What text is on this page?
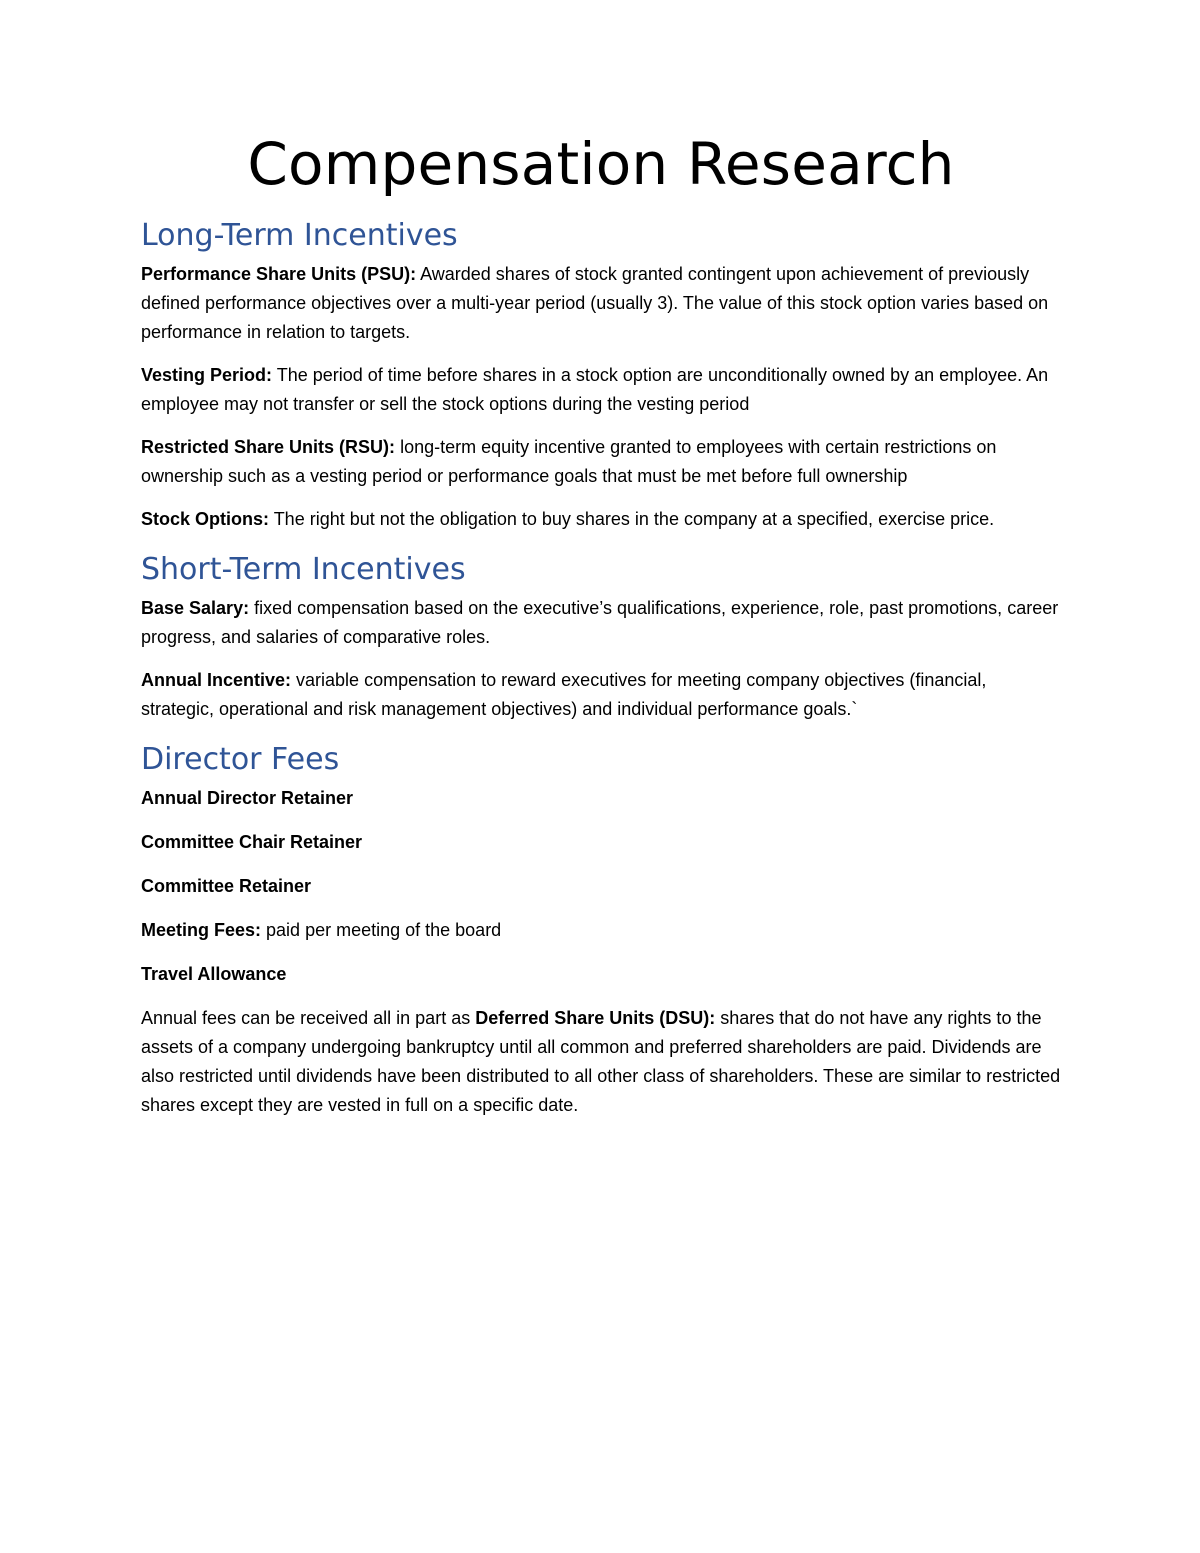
Compensation Research
Long-Term Incentives

Performance Share Units (PSU): Awarded shares of stock granted contingent upon achievement of previously defined performance objectives over a multi-year period (usually 3). The value of this stock option varies based on performance in relation to targets.

Vesting Period: The period of time before shares in a stock option are unconditionally owned by an employee. An employee may not transfer or sell the stock options during the vesting period

Restricted Share Units (RSU): long-term equity incentive granted to employees with certain restrictions on ownership such as a vesting period or performance goals that must be met before full ownership

Stock Options: The right but not the obligation to buy shares in the company at a specified, exercise price.

Short-Term Incentives

Base Salary: fixed compensation based on the executive’s qualifications, experience, role, past promotions, career progress, and salaries of comparative roles.

Annual Incentive: variable compensation to reward executives for meeting company objectives (financial, strategic, operational and risk management objectives) and individual performance goals.`

Director Fees

Annual Director Retainer

Committee Chair Retainer

Committee Retainer

Meeting Fees: paid per meeting of the board

Travel Allowance

Annual fees can be received all in part as Deferred Share Units (DSU): shares that do not have any rights to the assets of a company undergoing bankruptcy until all common and preferred shareholders are paid. Dividends are also restricted until dividends have been distributed to all other class of shareholders. These are similar to restricted shares except they are vested in full on a specific date.
